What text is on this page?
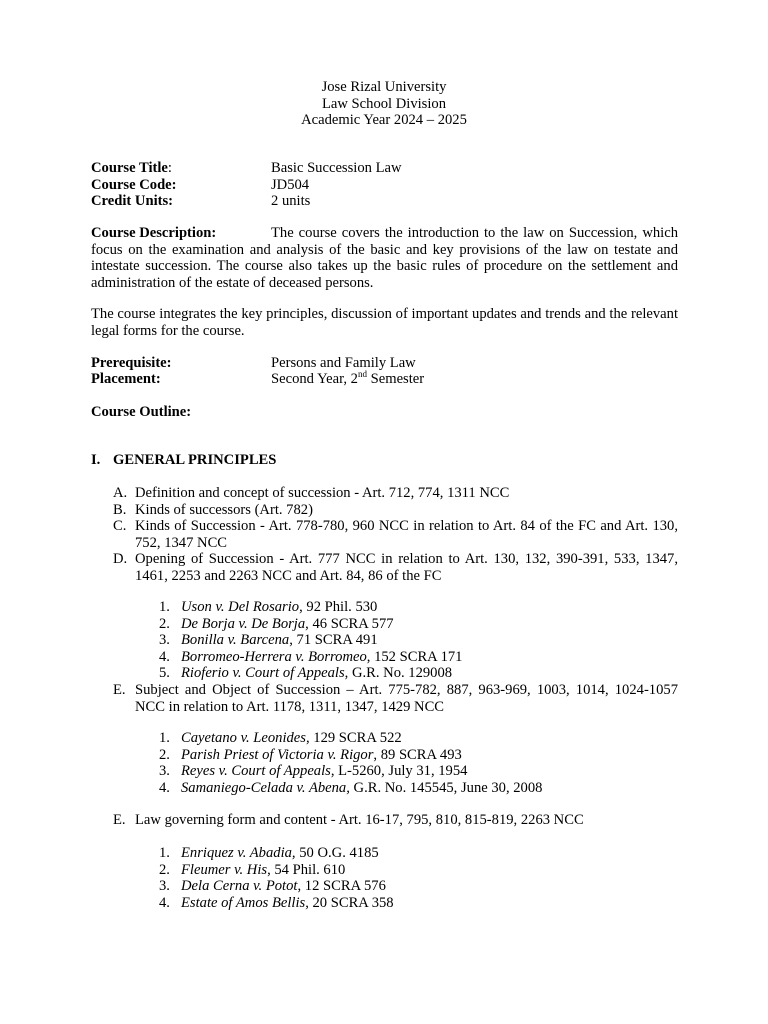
Jose Rizal University
Law School Division
Academic Year 2024 – 2025
Course Title:	Basic Succession Law
Course Code:	JD504
Credit Units:	2 units
Course Description:	The course covers the introduction to the law on Succession, which focus on the examination and analysis of the basic and key provisions of the law on testate and intestate succession. The course also takes up the basic rules of procedure on the settlement and administration of the estate of deceased persons.
The course integrates the key principles, discussion of important updates and trends and the relevant legal forms for the course.
Prerequisite:	Persons and Family Law
Placement:	Second Year, 2nd Semester
Course Outline:
I. GENERAL PRINCIPLES
A. Definition and concept of succession - Art. 712, 774, 1311 NCC
B. Kinds of successors (Art. 782)
C. Kinds of Succession - Art. 778-780, 960 NCC in relation to Art. 84 of the FC and Art. 130, 752, 1347 NCC
D. Opening of Succession - Art. 777 NCC in relation to Art. 130, 132, 390-391, 533, 1347, 1461, 2253 and 2263 NCC and Art. 84, 86 of the FC
1. Uson v. Del Rosario, 92 Phil. 530
2. De Borja v. De Borja, 46 SCRA 577
3. Bonilla v. Barcena, 71 SCRA 491
4. Borromeo-Herrera v. Borromeo, 152 SCRA 171
5. Rioferio v. Court of Appeals, G.R. No. 129008
E. Subject and Object of Succession – Art. 775-782, 887, 963-969, 1003, 1014, 1024-1057 NCC in relation to Art. 1178, 1311, 1347, 1429 NCC
1. Cayetano v. Leonides, 129 SCRA 522
2. Parish Priest of Victoria v. Rigor, 89 SCRA 493
3. Reyes v. Court of Appeals, L-5260, July 31, 1954
4. Samaniego-Celada v. Abena, G.R. No. 145545, June 30, 2008
E. Law governing form and content - Art. 16-17, 795, 810, 815-819, 2263 NCC
1. Enriquez v. Abadia, 50 O.G. 4185
2. Fleumer v. His, 54 Phil. 610
3. Dela Cerna v. Potot, 12 SCRA 576
4. Estate of Amos Bellis, 20 SCRA 358
